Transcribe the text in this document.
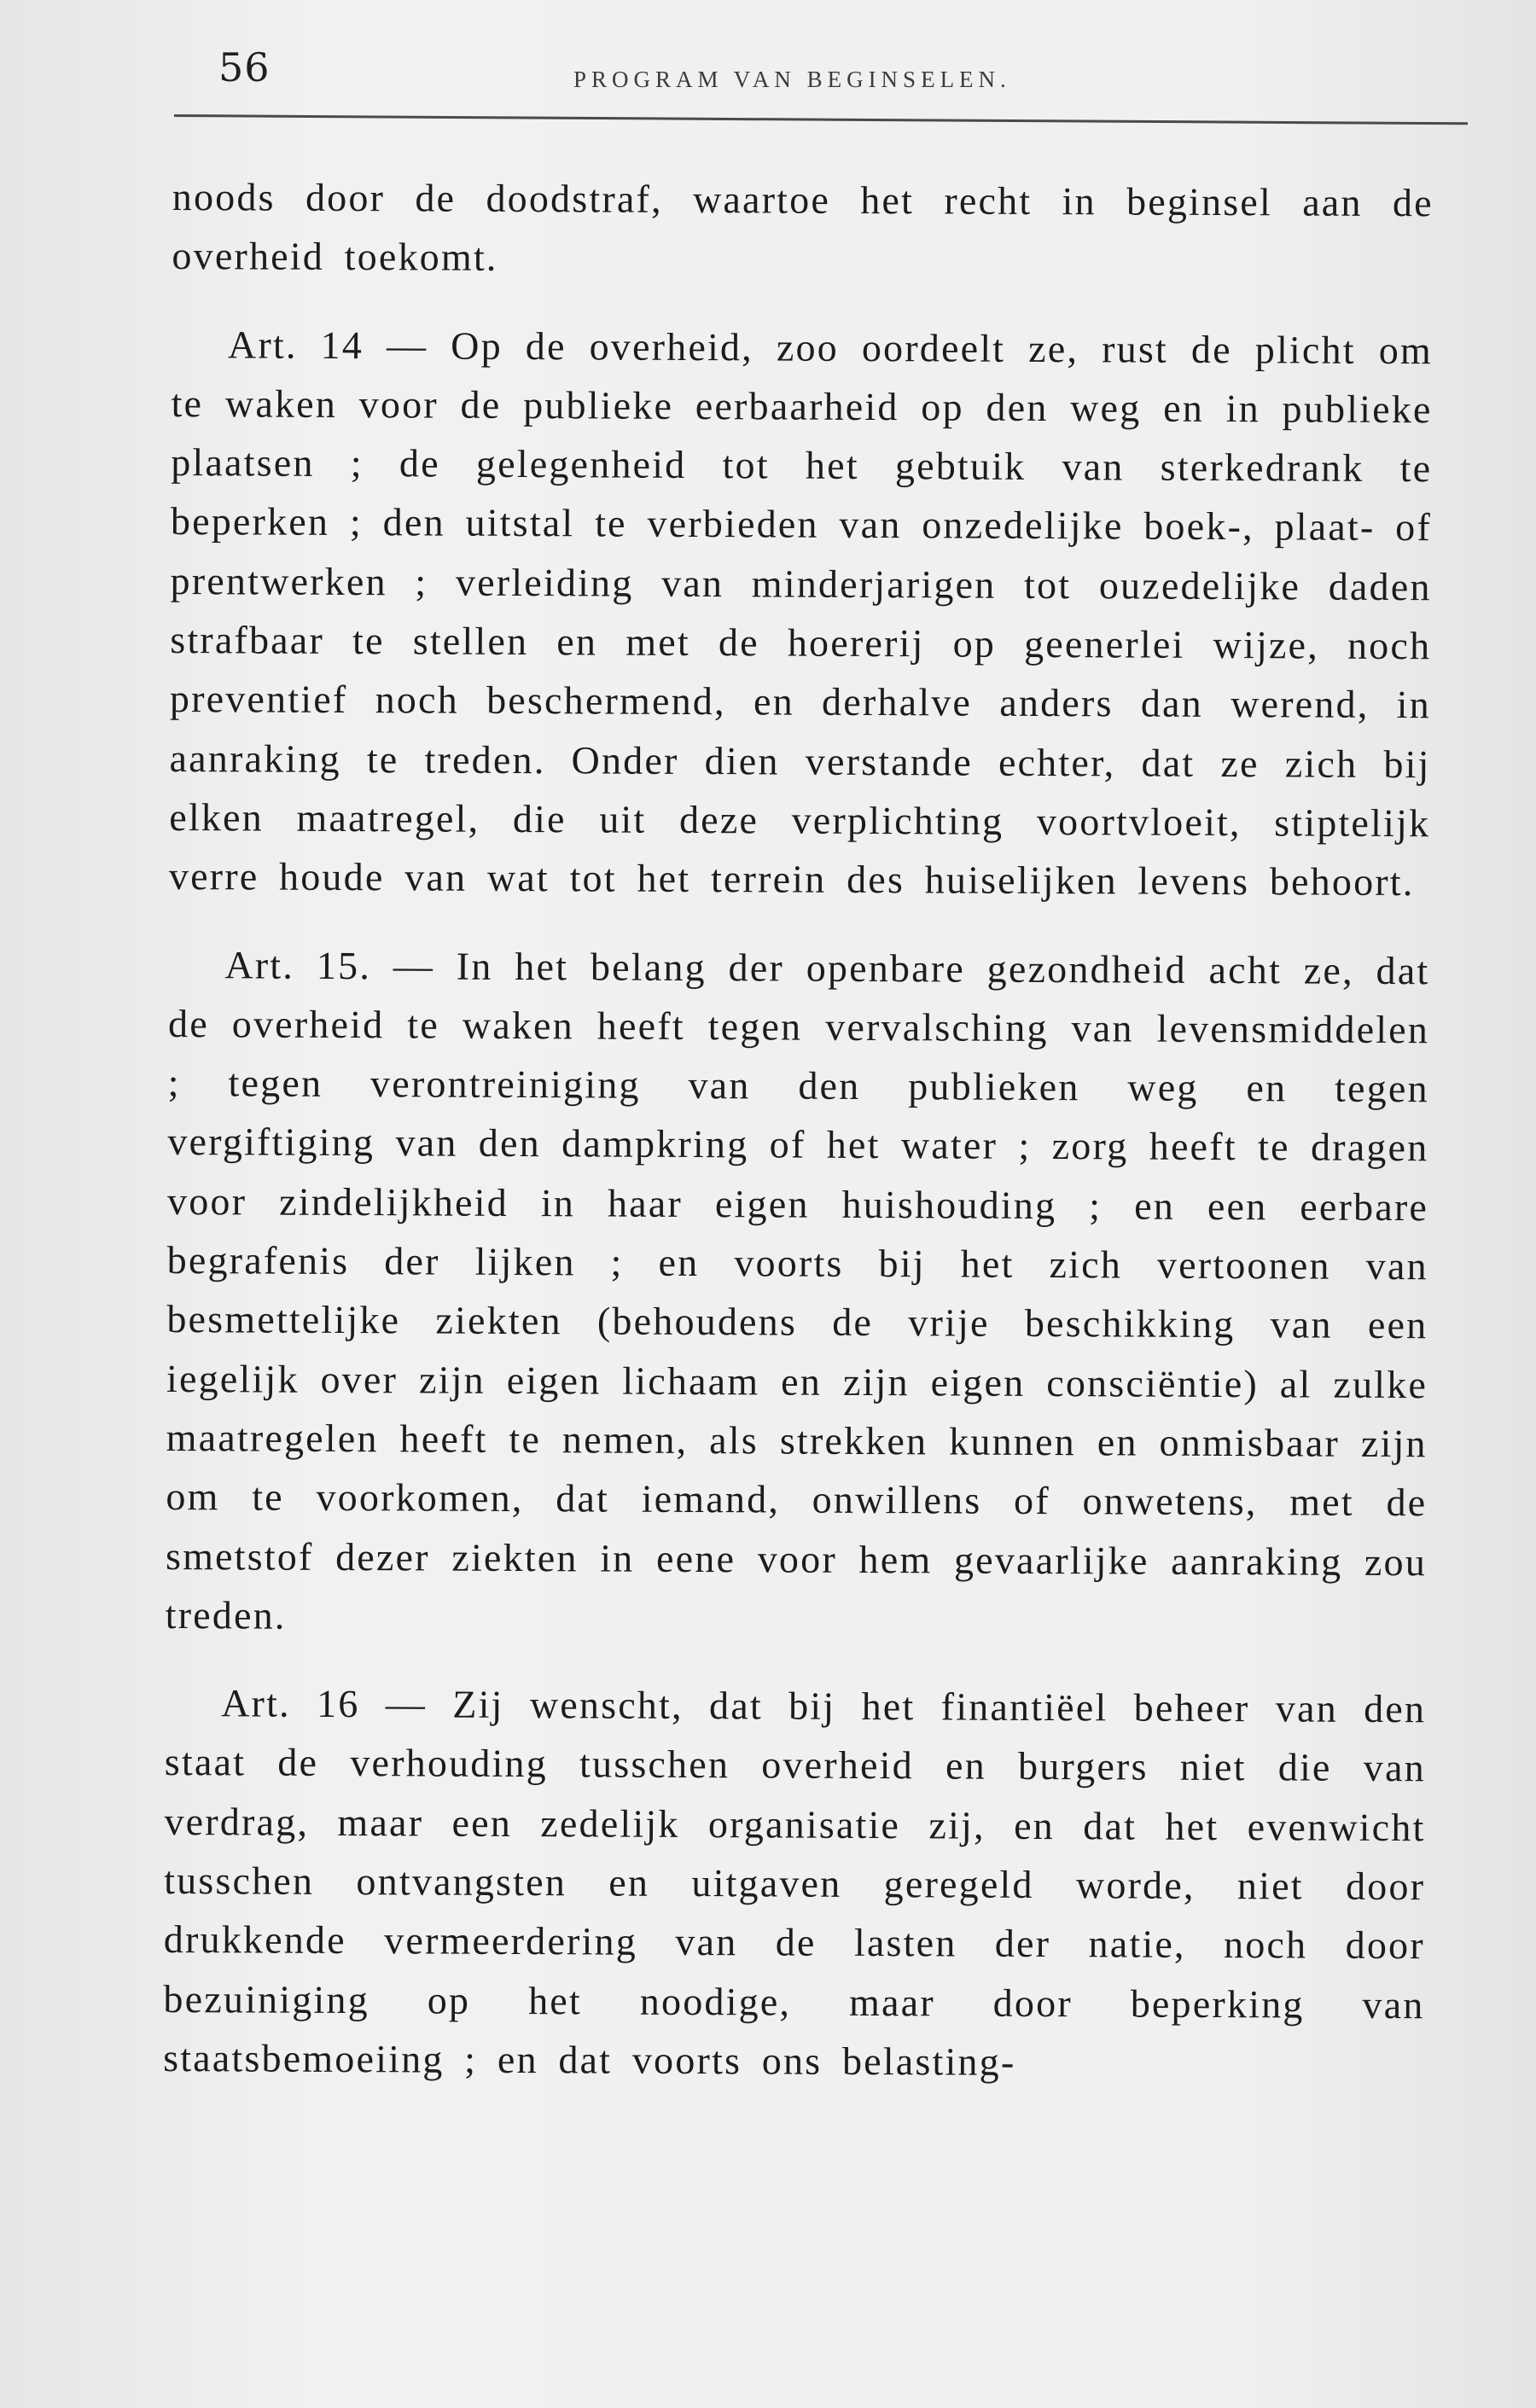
56	PROGRAM VAN BEGINSELEN.

noods door de doodstraf, waartoe het recht in beginsel aan de overheid toekomt.

Art. 14 — Op de overheid, zoo oordeelt ze, rust de plicht om te waken voor de publieke eerbaarheid op den weg en in publieke plaatsen ; de gelegenheid tot het gebtuik van sterkedrank te beperken ; den uitstal te verbieden van onzedelijke boek-, plaat- of prentwerken ; verleiding van minderjarigen tot ouzedelijke daden strafbaar te stellen en met de hoererij op geenerlei wijze, noch preventief noch beschermend, en derhalve anders dan werend, in aanraking te treden. Onder dien verstande echter, dat ze zich bij elken maatregel, die uit deze verplichting voortvloeit, stiptelijk verre houde van wat tot het terrein des huiselijken levens behoort.

Art. 15. — In het belang der openbare gezondheid acht ze, dat de overheid te waken heeft tegen vervalsching van levensmiddelen ; tegen verontreiniging van den publieken weg en tegen vergiftiging van den dampkring of het water ; zorg heeft te dragen voor zindelijkheid in haar eigen huishouding ; en een eerbare begrafenis der lijken ; en voorts bij het zich vertoonen van besmettelijke ziekten (behoudens de vrije beschikking van een iegelijk over zijn eigen lichaam en zijn eigen consciëntie) al zulke maatregelen heeft te nemen, als strekken kunnen en onmisbaar zijn om te voorkomen, dat iemand, onwillens of onwetens, met de smetstof dezer ziekten in eene voor hem gevaarlijke aanraking zou treden.

Art. 16 — Zij wenscht, dat bij het finantiëel beheer van den staat de verhouding tusschen overheid en burgers niet die van verdrag, maar een zedelijk organisatie zij, en dat het evenwicht tusschen ontvangsten en uitgaven geregeld worde, niet door drukkende vermeerdering van de lasten der natie, noch door bezuiniging op het noodige, maar door beperking van staatsbemoeiing ; en dat voorts ons belasting-
